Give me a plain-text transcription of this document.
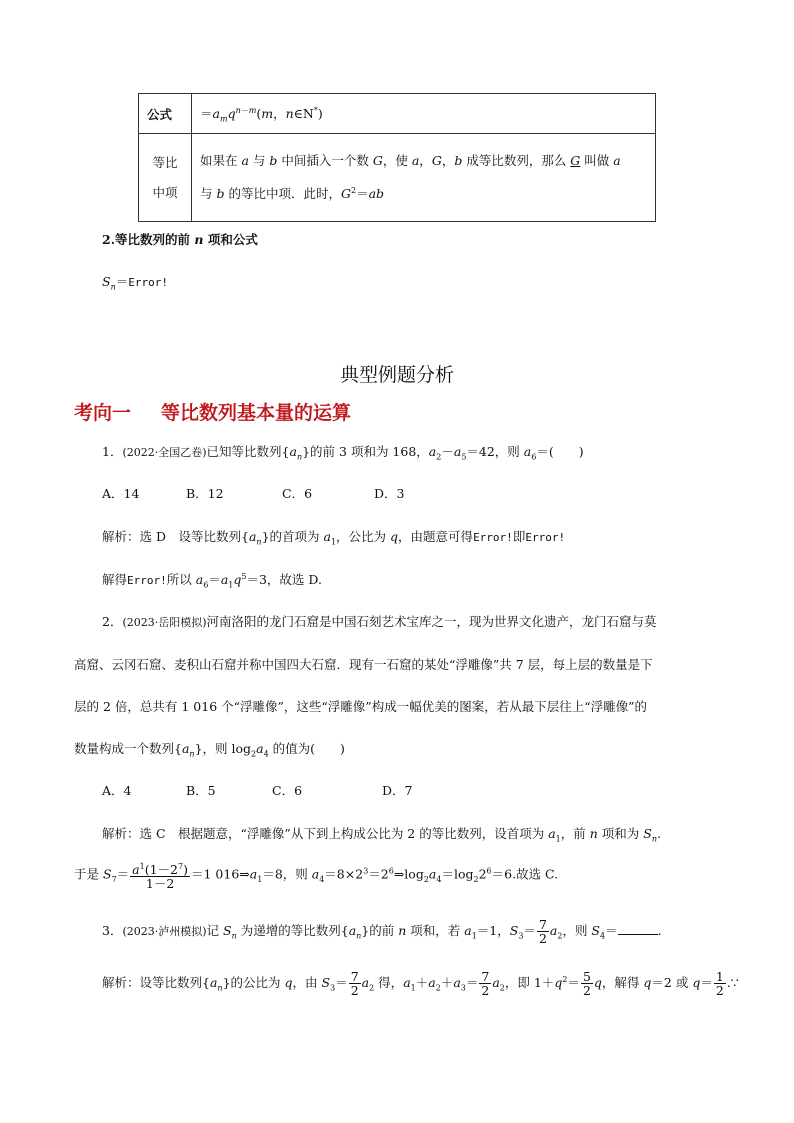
公式	$=a_mq^{n-m}(m$，n∈N*)
等比
中项	如果在 a 与 b 中间插入一个数 G，使 a，G，b 成等比数列，那么 G 叫做 a
与 b 的等比中项．此时，$G^2=ab$
2.等比数列的前 n 项和公式
$S_n=Error$!
典型例题分析
考向一 等比数列基本量的运算
1．(2022·全国乙卷)已知等比数列$\{a_n\}$的前 3 项和为 168，$a_2-a_5=42$，则 $a_6=$(　　)
A．14	B．12	C．6	D．3
解析：选 D　设等比数列$\{a_n\}$的首项为 $a_1$，公比为 q，由题意可得Error!即Error!
解得Error!所以 $a_6=a_1q^5=3$，故选 D.
2．(2023·岳阳模拟)河南洛阳的龙门石窟是中国石刻艺术宝库之一，现为世界文化遗产，龙门石窟与莫
高窟、云冈石窟、麦积山石窟并称中国四大石窟．现有一石窟的某处“浮雕像”共 7 层，每上层的数量是下
层的 2 倍，总共有 1 016 个“浮雕像”，这些“浮雕像”构成一幅优美的图案，若从最下层往上“浮雕像”的
数量构成一个数列$\{a_n\}$，则 $\log_2a_4$ 的值为(　　)
A．4	B．5	C．6	D．7
解析：选 C　根据题意，“浮雕像”从下到上构成公比为 2 的等比数列，设首项为 $a_1$，前 n 项和为 $S_n$.
于是 $S_7= \frac{a^1(1-2^7)}{1-2} =1$ $016\Rightarrow a_1=8$，则 $a_4=8\times 2^3=2^6\Rightarrow\log_2a_4=\log_22^6=6$.故选 C.
3．(2023·泸州模拟)记 $S_n$ 为递增的等比数列$\{a_n\}$的前 n 项和，若 $a_1=1$，$S_3= \frac{7}{2} a_2$，则 $S_4=$	.
解析：设等比数列$\{a_n\}$的公比为 q，由 $S_3= \frac{7}{2} a_2$ 得，$a_1+a_2+a_3= \frac{7}{2} a_2$，即 $1+q^2= \frac{5}{2}$ q，解得 q＝2 或 $q= \frac{1}{2}$ .∵
